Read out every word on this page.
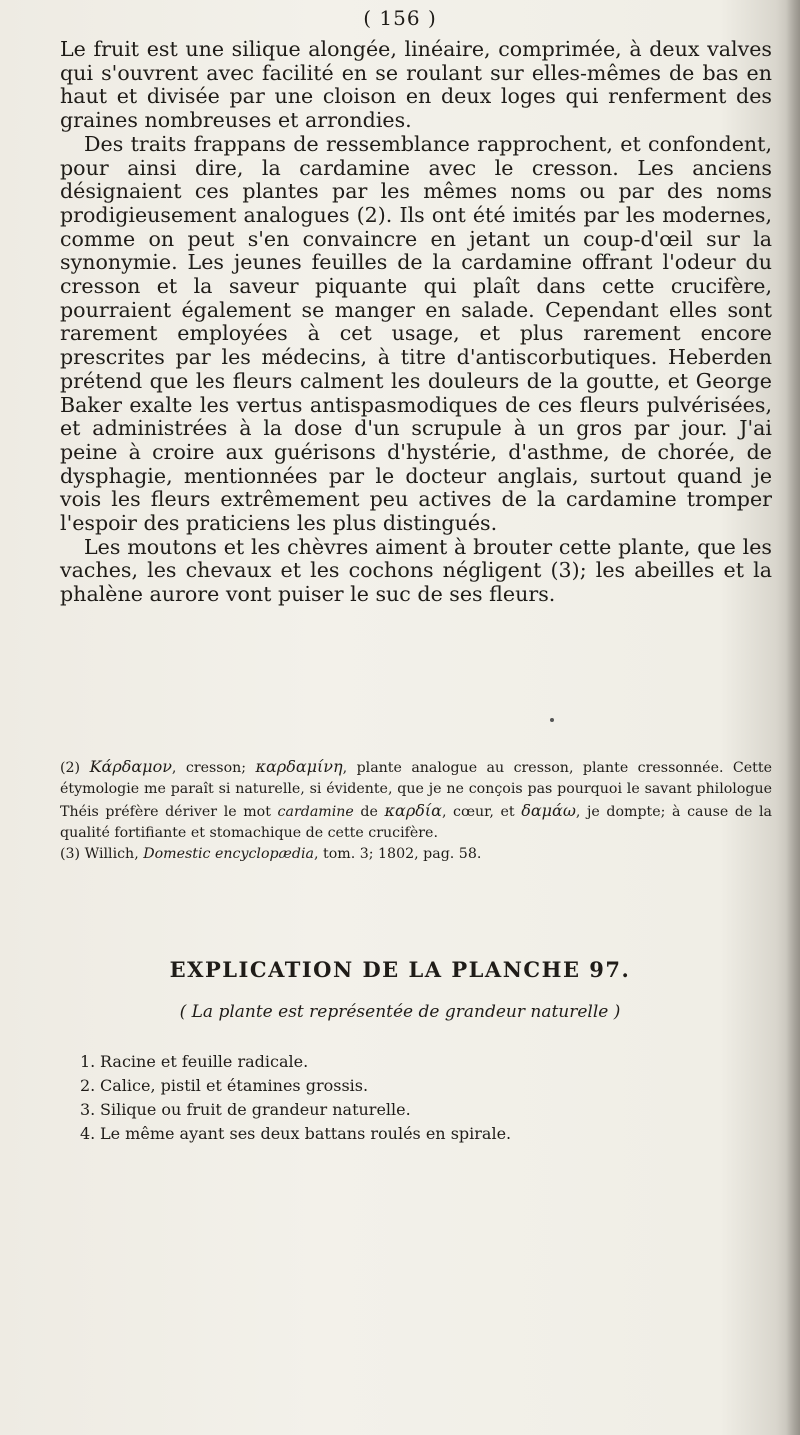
( 156 )

Le fruit est une silique alongée, linéaire, comprimée, à deux valves qui s'ouvrent avec facilité en se roulant sur elles-mêmes de bas en haut et divisée par une cloison en deux loges qui renferment des graines nombreuses et arrondies.

Des traits frappans de ressemblance rapprochent, et confondent, pour ainsi dire, la cardamine avec le cresson. Les anciens désignaient ces plantes par les mêmes noms ou par des noms prodigieusement analogues (2). Ils ont été imités par les modernes, comme on peut s'en convaincre en jetant un coup-d'œil sur la synonymie. Les jeunes feuilles de la cardamine offrant l'odeur du cresson et la saveur piquante qui plaît dans cette crucifère, pourraient également se manger en salade. Cependant elles sont rarement employées à cet usage, et plus rarement encore prescrites par les médecins, à titre d'antiscorbutiques. Heberden prétend que les fleurs calment les douleurs de la goutte, et George Baker exalte les vertus antispasmodiques de ces fleurs pulvérisées, et administrées à la dose d'un scrupule à un gros par jour. J'ai peine à croire aux guérisons d'hystérie, d'asthme, de chorée, de dysphagie, mentionnées par le docteur anglais, surtout quand je vois les fleurs extrêmement peu actives de la cardamine tromper l'espoir des praticiens les plus distingués.

Les moutons et les chèvres aiment à brouter cette plante, que les vaches, les chevaux et les cochons négligent (3); les abeilles et la phalène aurore vont puiser le suc de ses fleurs.

(2) Κάρδαμον, cresson; καρδαμίνη, plante analogue au cresson, plante cressonnée. Cette étymologie me paraît si naturelle, si évidente, que je ne conçois pas pourquoi le savant philologue Théis préfère dériver le mot cardamine de καρδία, cœur, et δαμάω, je dompte; à cause de la qualité fortifiante et stomachique de cette crucifère.

(3) Willich, Domestic encyclopædia, tom. 3; 1802, pag. 58.

EXPLICATION DE LA PLANCHE 97.
( La plante est représentée de grandeur naturelle )
1. Racine et feuille radicale.
2. Calice, pistil et étamines grossis.
3. Silique ou fruit de grandeur naturelle.
4. Le même ayant ses deux battans roulés en spirale.
